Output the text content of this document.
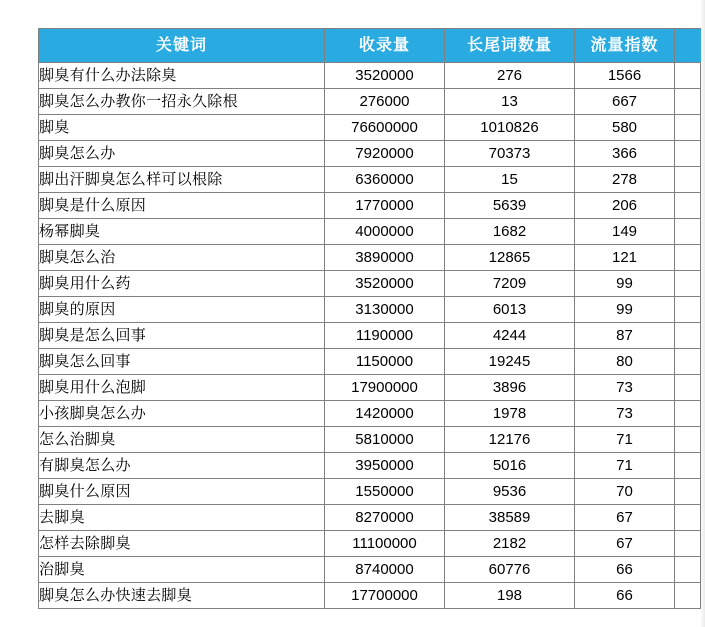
关键词	收录量	长尾词数量	流量指数	
脚臭有什么办法除臭	3520000	276	1566	
脚臭怎么办教你一招永久除根	276000	13	667	
脚臭	76600000	1010826	580	
脚臭怎么办	7920000	70373	366	
脚出汗脚臭怎么样可以根除	6360000	15	278	
脚臭是什么原因	1770000	5639	206	
杨幂脚臭	4000000	1682	149	
脚臭怎么治	3890000	12865	121	
脚臭用什么药	3520000	7209	99	
脚臭的原因	3130000	6013	99	
脚臭是怎么回事	1190000	4244	87	
脚臭怎么回事	1150000	19245	80	
脚臭用什么泡脚	17900000	3896	73	
小孩脚臭怎么办	1420000	1978	73	
怎么治脚臭	5810000	12176	71	
有脚臭怎么办	3950000	5016	71	
脚臭什么原因	1550000	9536	70	
去脚臭	8270000	38589	67	
怎样去除脚臭	11100000	2182	67	
治脚臭	8740000	60776	66	
脚臭怎么办快速去脚臭	17700000	198	66	
